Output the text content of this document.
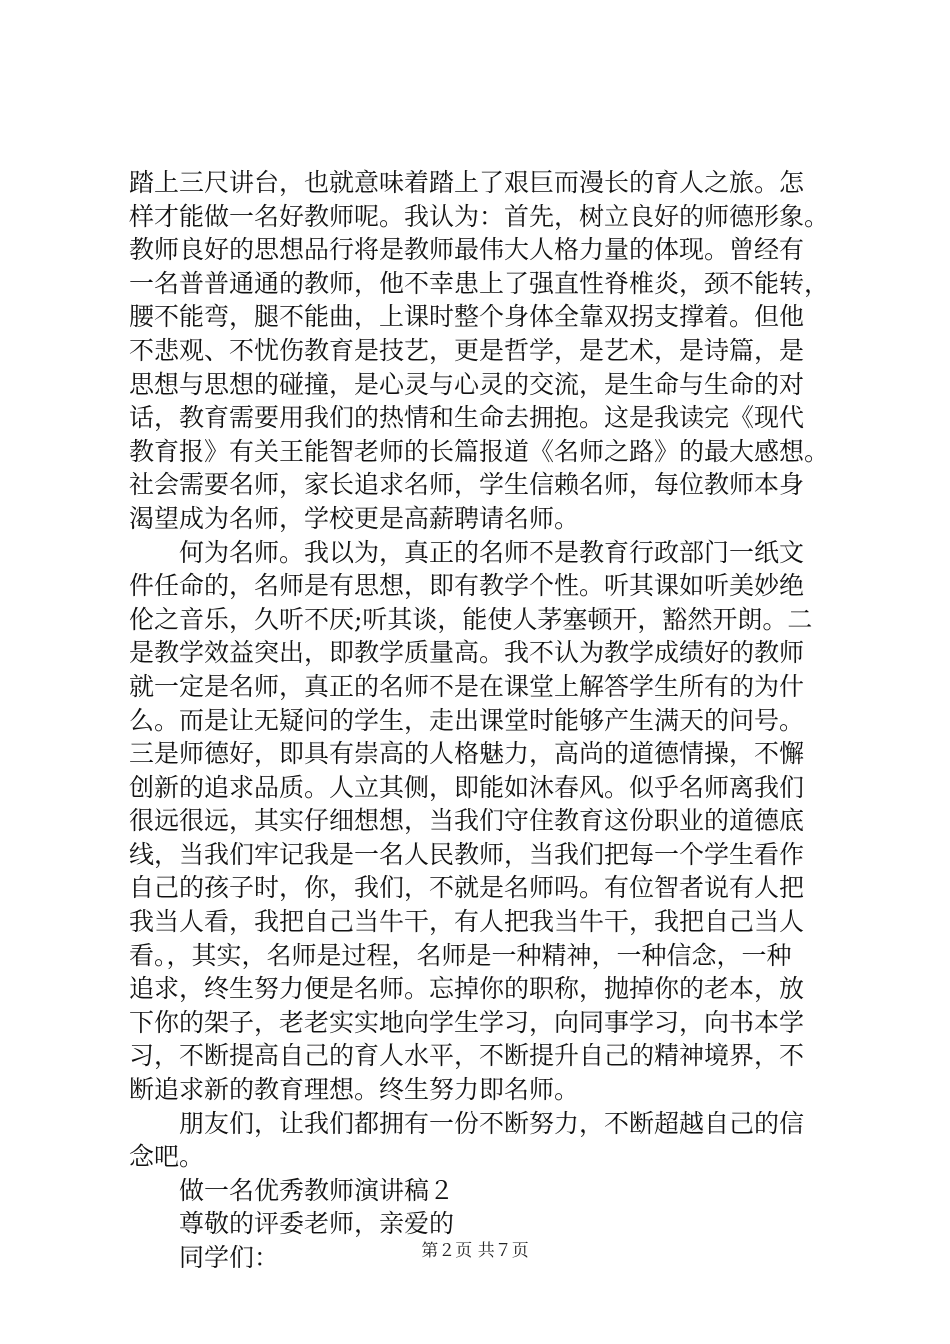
踏上三尺讲台，也就意味着踏上了艰巨而漫长的育人之旅。怎
样才能做一名好教师呢。我认为：首先，树立良好的师德形象。
教师良好的思想品行将是教师最伟大人格力量的体现。曾经有
一名普普通通的教师，他不幸患上了强直性脊椎炎，颈不能转，
腰不能弯，腿不能曲，上课时整个身体全靠双拐支撑着。但他
不悲观、不忧伤教育是技艺，更是哲学，是艺术，是诗篇，是
思想与思想的碰撞，是心灵与心灵的交流，是生命与生命的对
话，教育需要用我们的热情和生命去拥抱。这是我读完《现代
教育报》有关王能智老师的长篇报道《名师之路》的最大感想。
社会需要名师，家长追求名师，学生信赖名师，每位教师本身
渴望成为名师，学校更是高薪聘请名师。
何为名师。我以为，真正的名师不是教育行政部门一纸文
件任命的，名师是有思想，即有教学个性。听其课如听美妙绝
伦之音乐，久听不厌;听其谈，能使人茅塞顿开，豁然开朗。二
是教学效益突出，即教学质量高。我不认为教学成绩好的教师
就一定是名师，真正的名师不是在课堂上解答学生所有的为什
么。而是让无疑问的学生，走出课堂时能够产生满天的问号。
三是师德好，即具有崇高的人格魅力，高尚的道德情操，不懈
创新的追求品质。人立其侧，即能如沐春风。似乎名师离我们
很远很远，其实仔细想想，当我们守住教育这份职业的道德底
线，当我们牢记我是一名人民教师，当我们把每一个学生看作
自己的孩子时，你，我们，不就是名师吗。有位智者说有人把
我当人看，我把自己当牛干，有人把我当牛干，我把自己当人
看。，其实，名师是过程，名师是一种精神，一种信念，一种
追求，终生努力便是名师。忘掉你的职称，抛掉你的老本，放
下你的架子，老老实实地向学生学习，向同事学习，向书本学
习，不断提高自己的育人水平，不断提升自己的精神境界，不
断追求新的教育理想。终生努力即名师。
朋友们，让我们都拥有一份不断努力，不断超越自己的信
念吧。
做一名优秀教师演讲稿２
尊敬的评委老师，亲爱的
同学们：	第２页 共７页
